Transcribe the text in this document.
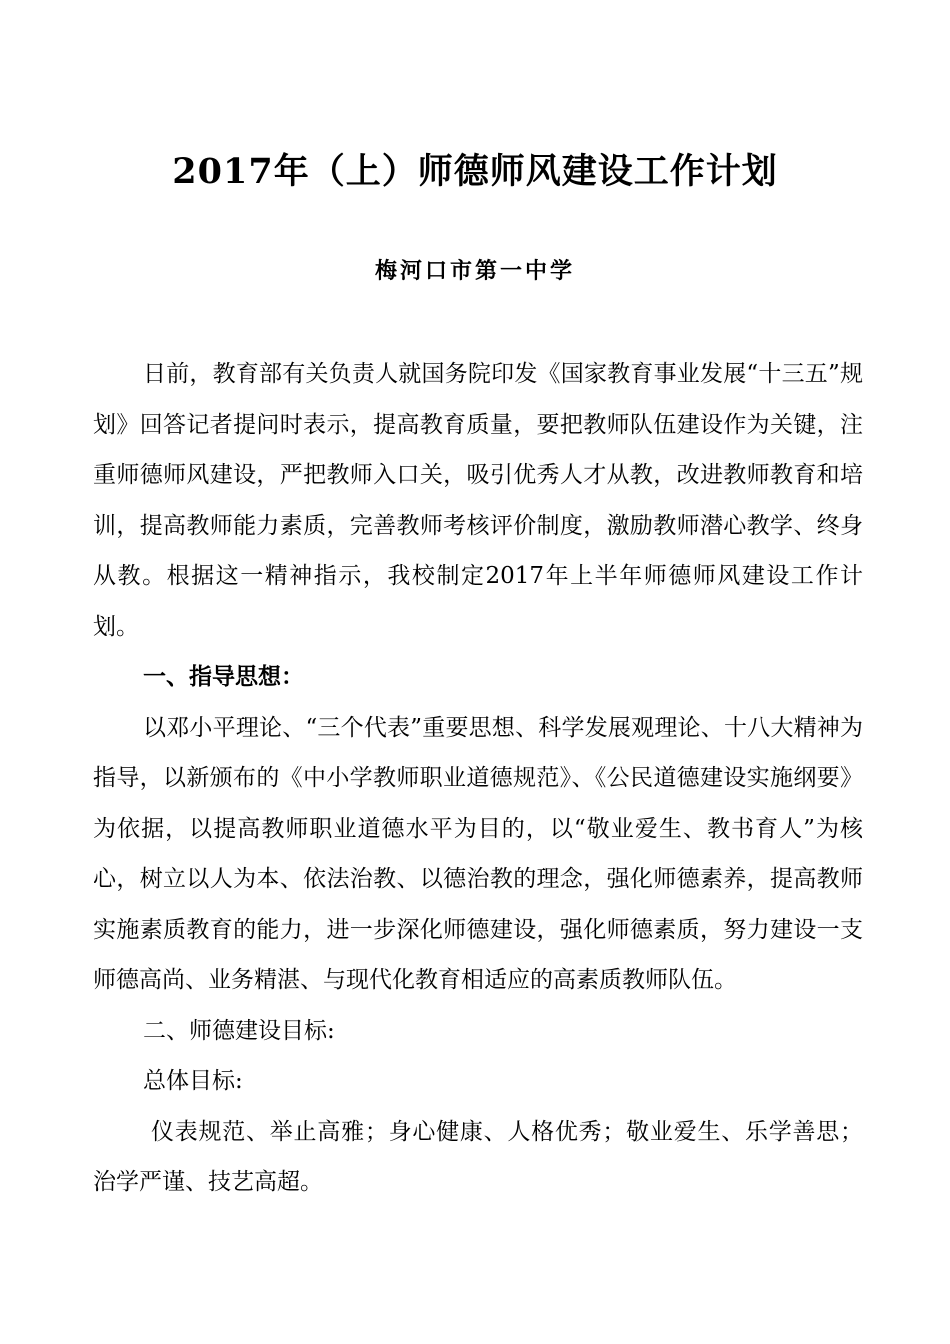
2017年（上）师德师风建设工作计划
梅河口市第一中学

日前，教育部有关负责人就国务院印发《国家教育事业发展“十三五”规划》回答记者提问时表示，提高教育质量，要把教师队伍建设作为关键，注重师德师风建设，严把教师入口关，吸引优秀人才从教，改进教师教育和培训，提高教师能力素质，完善教师考核评价制度，激励教师潜心教学、终身从教。根据这一精神指示，我校制定2017年上半年师德师风建设工作计划。

一、指导思想：

以邓小平理论、“三个代表”重要思想、科学发展观理论、十八大精神为指导，以新颁布的《中小学教师职业道德规范》、《公民道德建设实施纲要》为依据，以提高教师职业道德水平为目的，以“敬业爱生、教书育人”为核心，树立以人为本、依法治教、以德治教的理念，强化师德素养，提高教师实施素质教育的能力，进一步深化师德建设，强化师德素质，努力建设一支师德高尚、业务精湛、与现代化教育相适应的高素质教师队伍。

二、师德建设目标:

总体目标:

仪表规范、举止高雅；身心健康、人格优秀；敬业爱生、乐学善思；治学严谨、技艺高超。
